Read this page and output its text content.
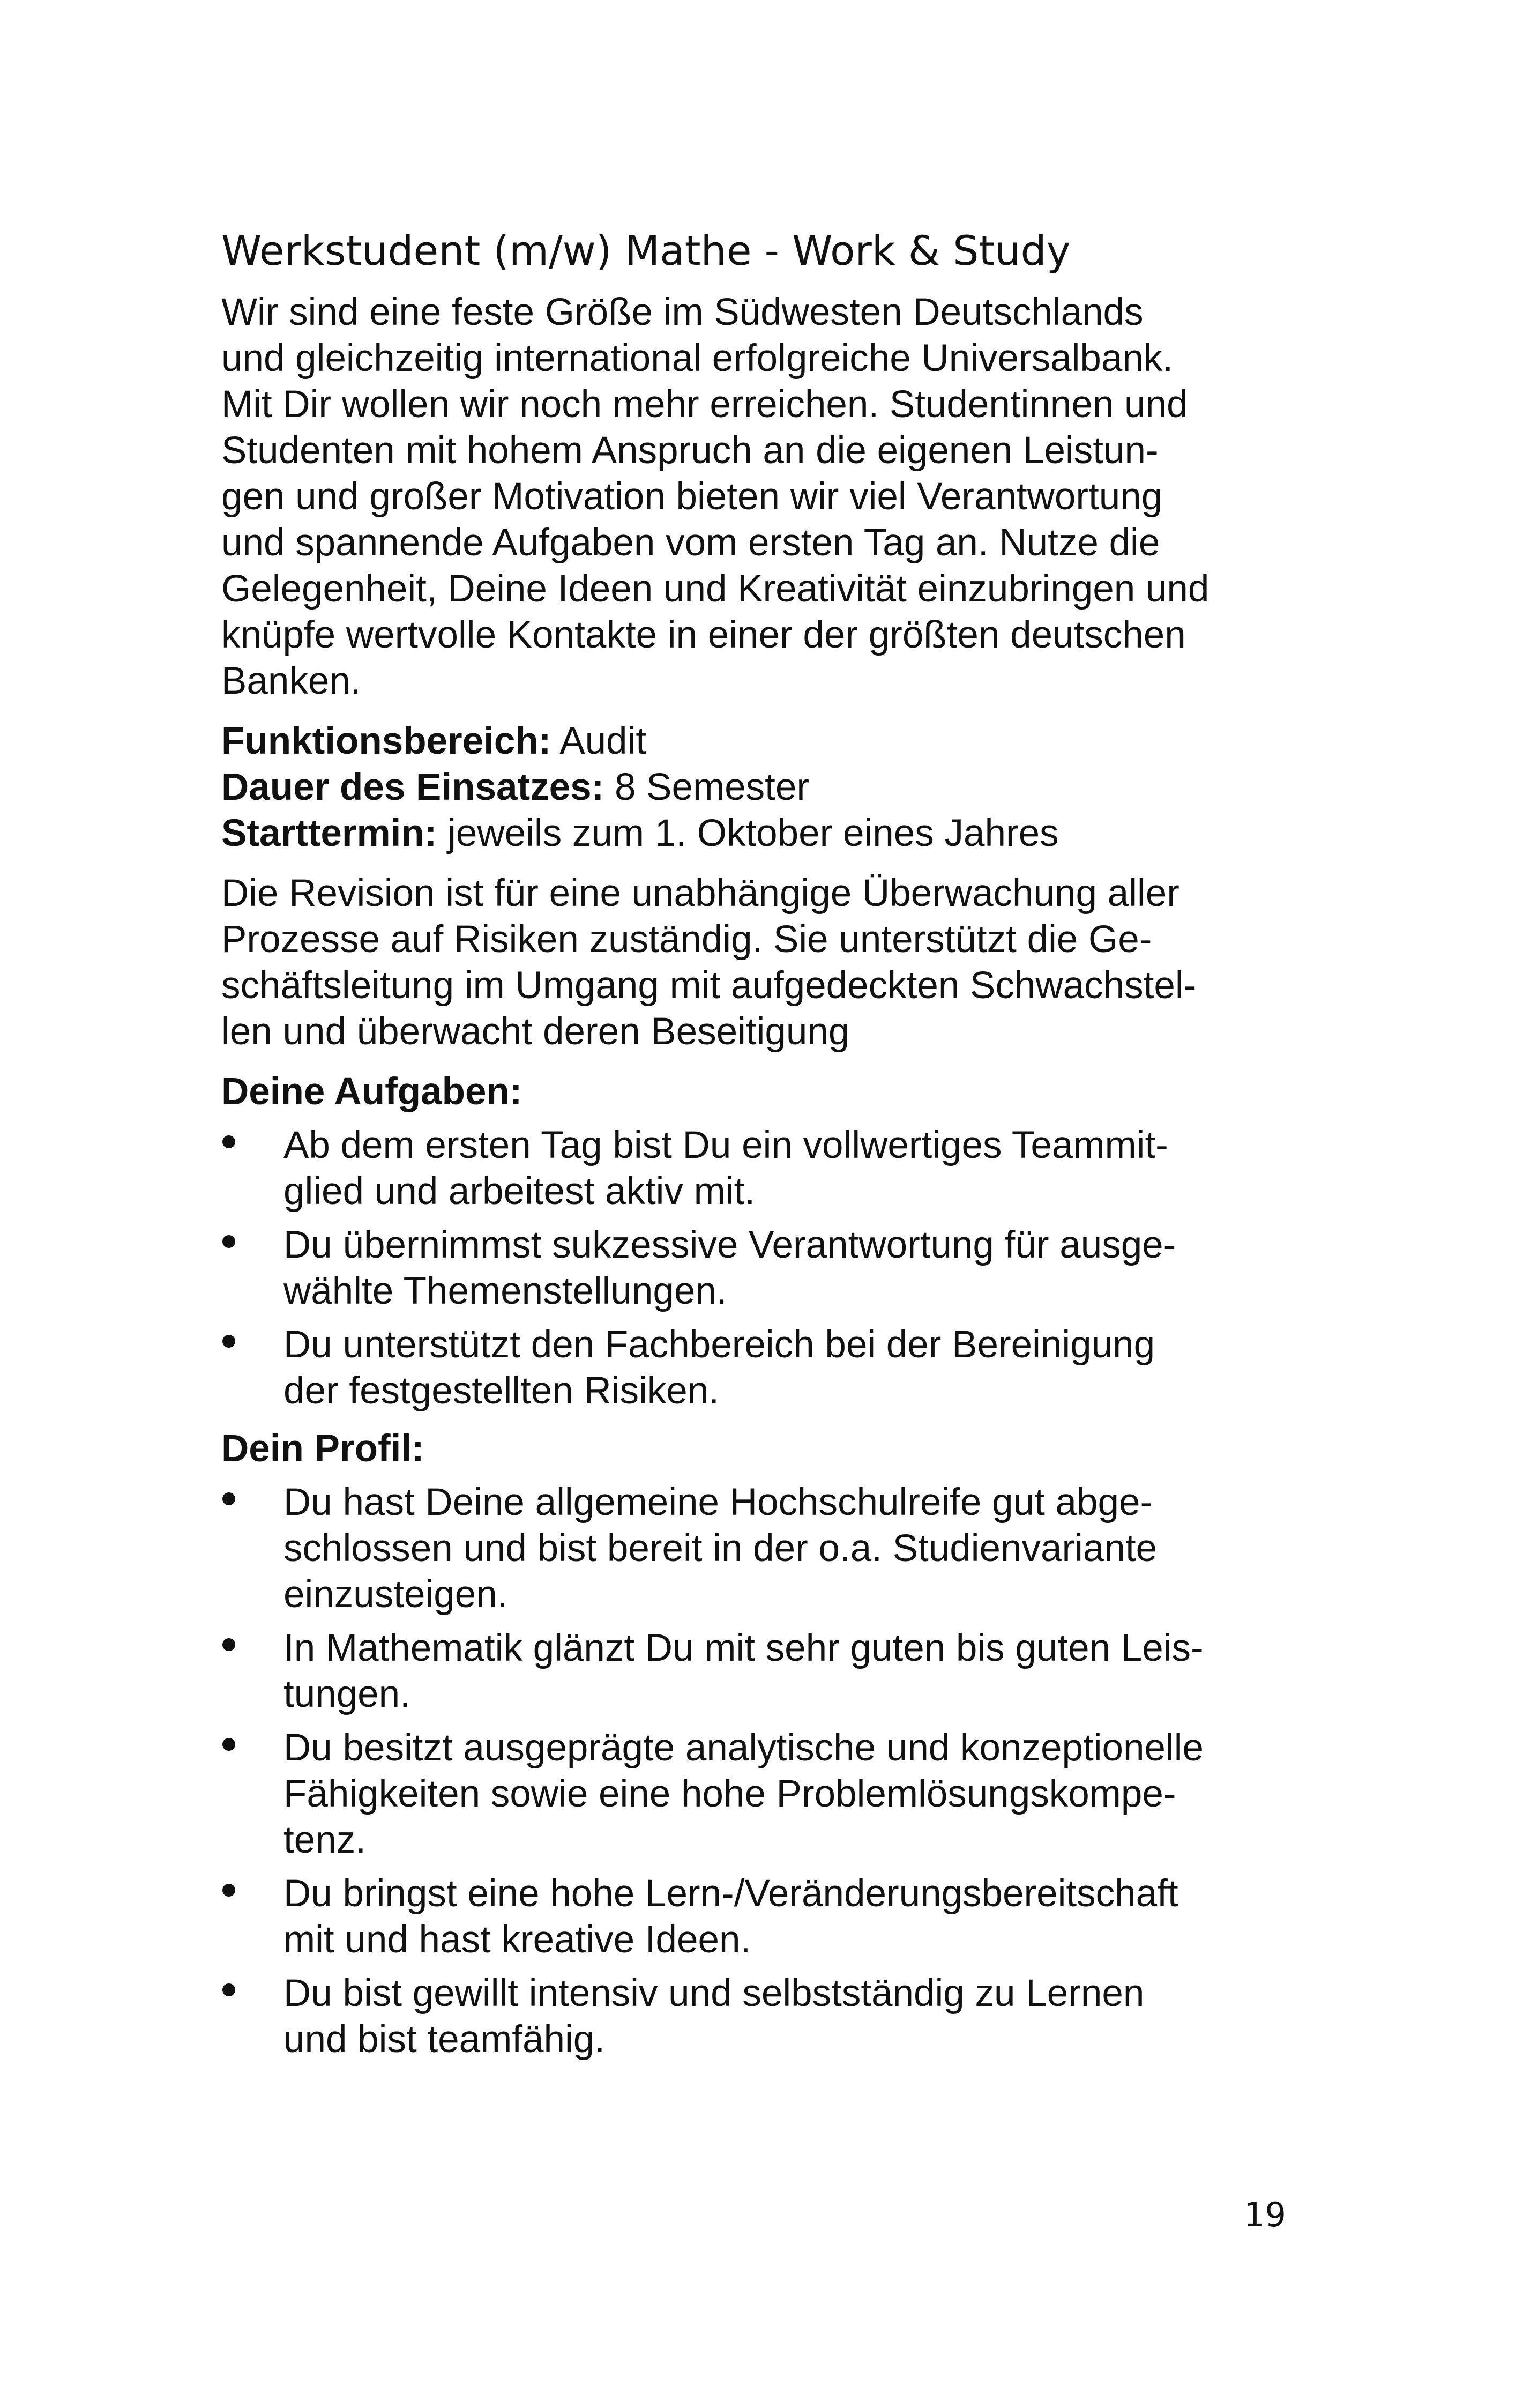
Werkstudent (m/w) Mathe - Work & Study
Wir sind eine feste Größe im Südwesten Deutschlands
und gleichzeitig international erfolgreiche Universalbank.
Mit Dir wollen wir noch mehr erreichen. Studentinnen und
Studenten mit hohem Anspruch an die eigenen Leistun-
gen und großer Motivation bieten wir viel Verantwortung
und spannende Aufgaben vom ersten Tag an. Nutze die
Gelegenheit, Deine Ideen und Kreativität einzubringen und
knüpfe wertvolle Kontakte in einer der größten deutschen
Banken.
Funktionsbereich: Audit
Dauer des Einsatzes: 8 Semester
Starttermin: jeweils zum 1. Oktober eines Jahres
Die Revision ist für eine unabhängige Überwachung aller
Prozesse auf Risiken zuständig. Sie unterstützt die Ge-
schäftsleitung im Umgang mit aufgedeckten Schwachstel-
len und überwacht deren Beseitigung
Deine Aufgaben:
Ab dem ersten Tag bist Du ein vollwertiges Teammit-
glied und arbeitest aktiv mit.
Du übernimmst sukzessive Verantwortung für ausge-
wählte Themenstellungen.
Du unterstützt den Fachbereich bei der Bereinigung
der festgestellten Risiken.
Dein Profil:
Du hast Deine allgemeine Hochschulreife gut abge-
schlossen und bist bereit in der o.a. Studienvariante
einzusteigen.
In Mathematik glänzt Du mit sehr guten bis guten Leis-
tungen.
Du besitzt ausgeprägte analytische und konzeptionelle
Fähigkeiten sowie eine hohe Problemlösungskompe-
tenz.
Du bringst eine hohe Lern-/Veränderungsbereitschaft
mit und hast kreative Ideen.
Du bist gewillt intensiv und selbstständig zu Lernen
und bist teamfähig.
19
